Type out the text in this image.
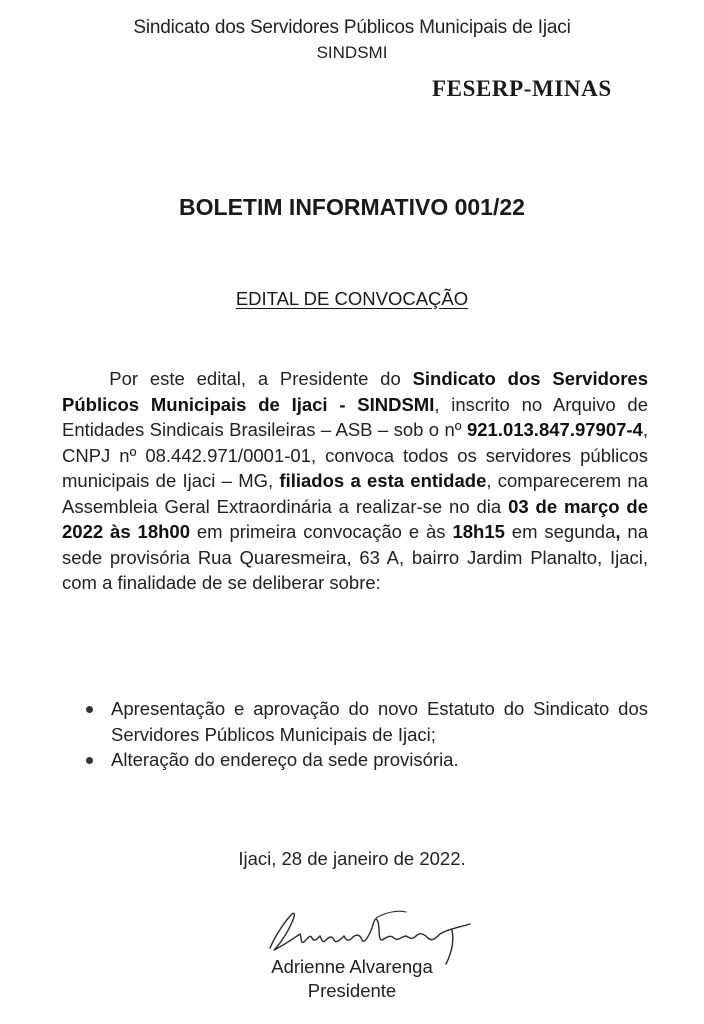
Sindicato dos Servidores Públicos Municipais de Ijaci
SINDSMI
FESERP-MINAS
BOLETIM INFORMATIVO 001/22
EDITAL DE CONVOCAÇÃO
Por este edital, a Presidente do Sindicato dos Servidores Públicos Municipais de Ijaci - SINDSMI, inscrito no Arquivo de Entidades Sindicais Brasileiras – ASB – sob o nº 921.013.847.97907-4, CNPJ nº 08.442.971/0001-01, convoca todos os servidores públicos municipais de Ijaci – MG, filiados a esta entidade, comparecerem na Assembleia Geral Extraordinária a realizar-se no dia 03 de março de 2022 às 18h00 em primeira convocação e às 18h15 em segunda, na sede provisória Rua Quaresmeira, 63 A, bairro Jardim Planalto, Ijaci, com a finalidade de se deliberar sobre:
Apresentação e aprovação do novo Estatuto do Sindicato dos Servidores Públicos Municipais de Ijaci;
Alteração do endereço da sede provisória.
Ijaci, 28 de janeiro de 2022.
Adrienne Alvarenga
Presidente
